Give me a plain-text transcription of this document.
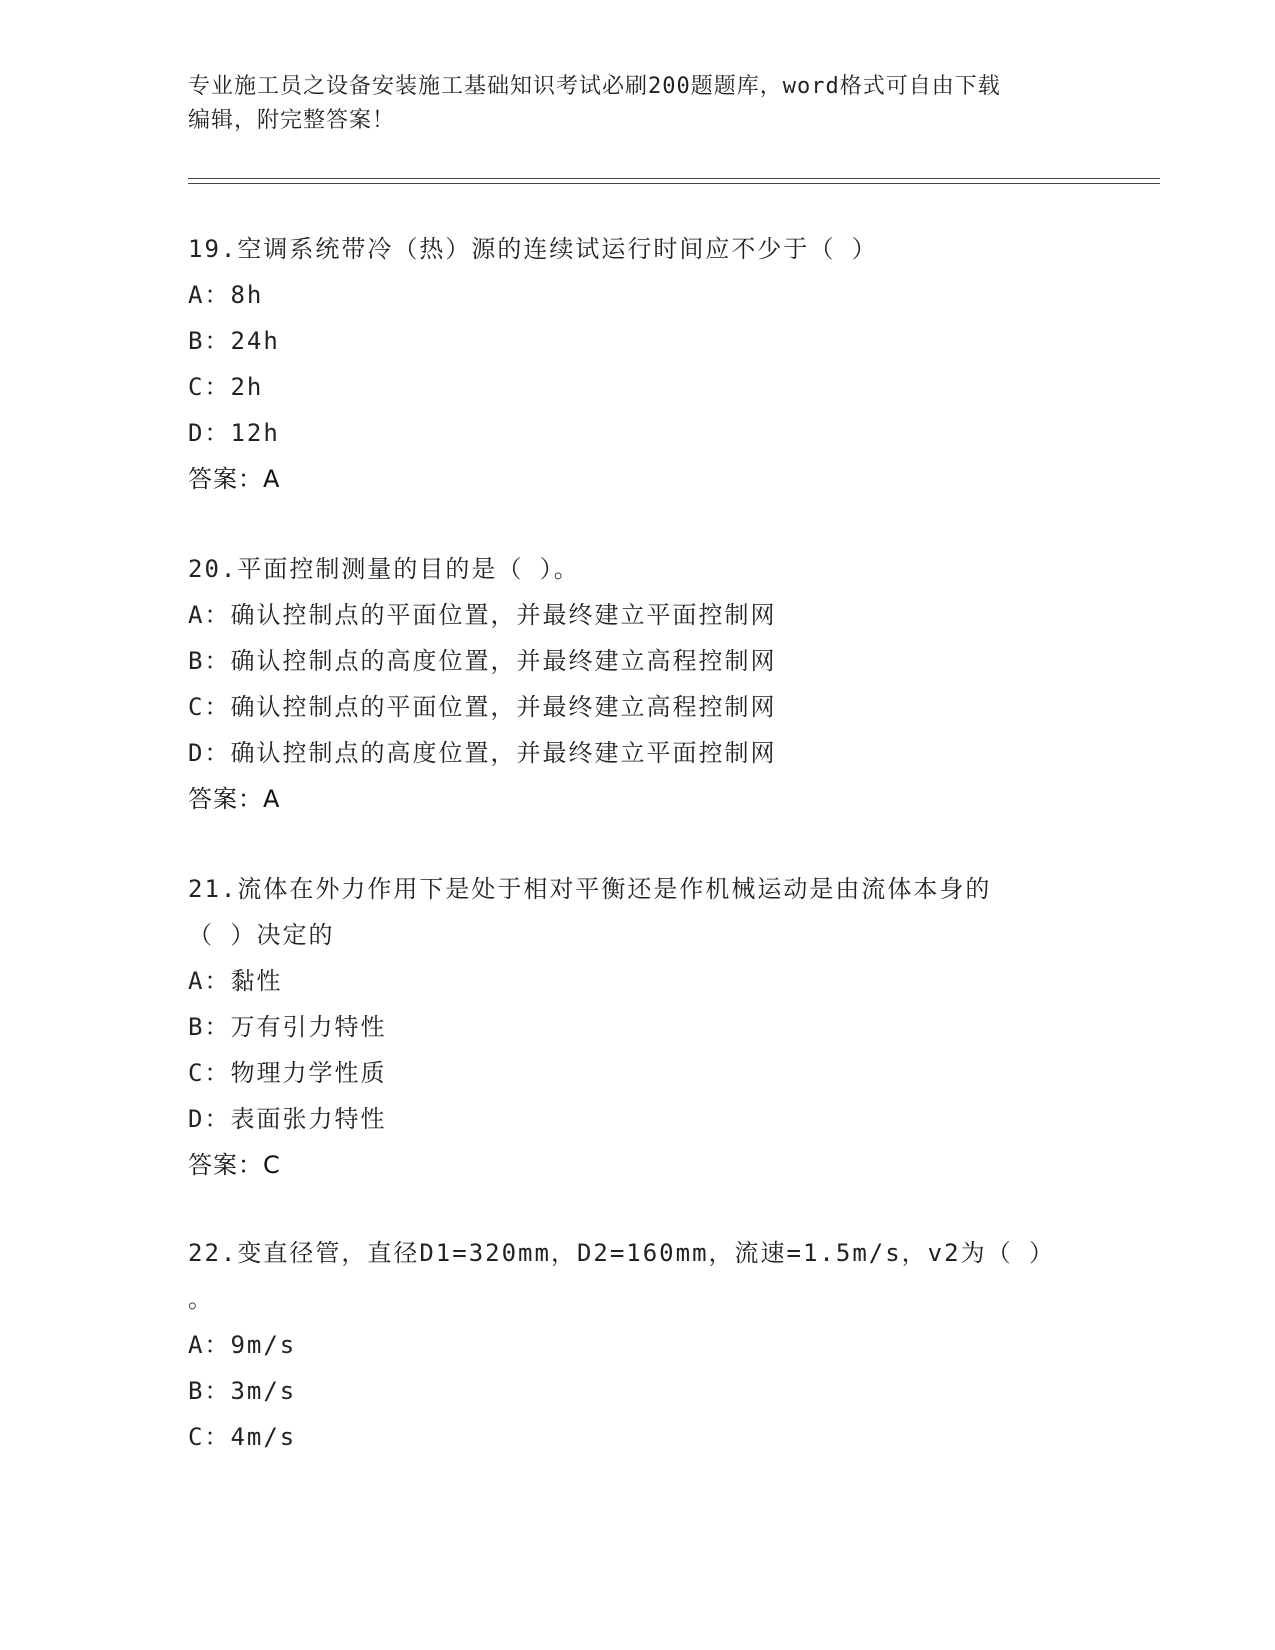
专业施工员之设备安装施工基础知识考试必刷200题题库，word格式可自由下载
编辑，附完整答案！
19.空调系统带冷（热）源的连续试运行时间应不少于（ ）
A：8h
B：24h
C：2h
D：12h
答案：A
20.平面控制测量的目的是（ ）。
A：确认控制点的平面位置，并最终建立平面控制网
B：确认控制点的高度位置，并最终建立高程控制网
C：确认控制点的平面位置，并最终建立高程控制网
D：确认控制点的高度位置，并最终建立平面控制网
答案：A
21.流体在外力作用下是处于相对平衡还是作机械运动是由流体本身的
（ ）决定的
A：黏性
B：万有引力特性
C：物理力学性质
D：表面张力特性
答案：C
22.变直径管，直径D1=320mm，D2=160mm，流速=1.5m/s，v2为（ ）
。
A：9m/s
B：3m/s
C：4m/s
